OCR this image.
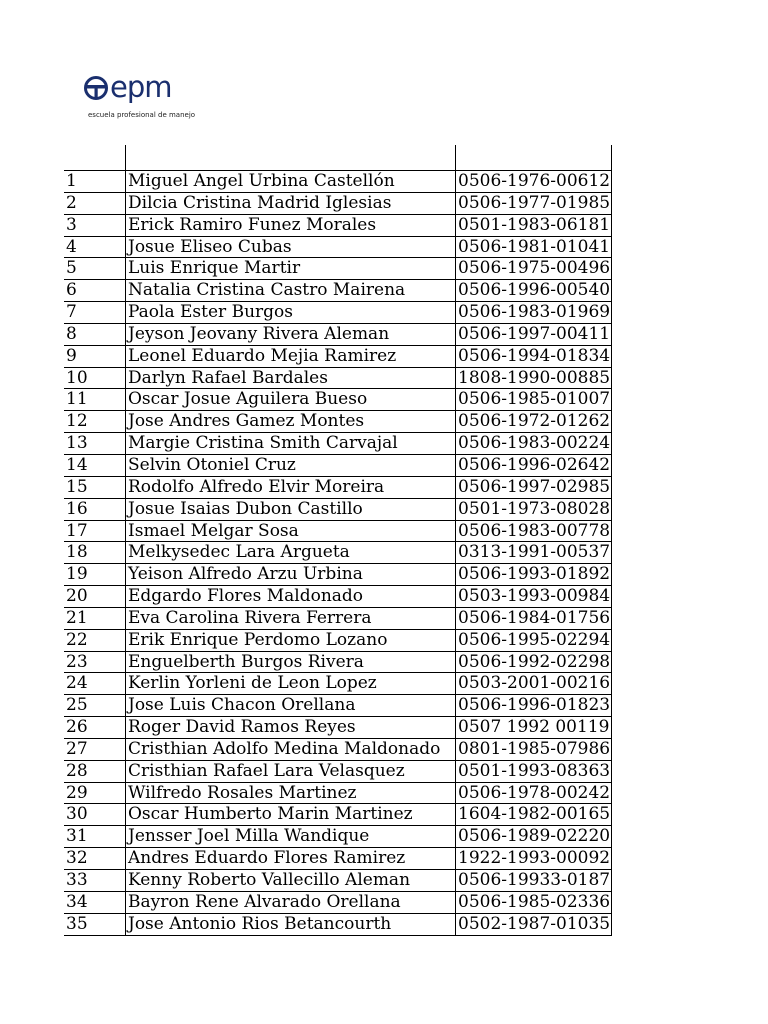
epm
escuela profesional de manejo
1	Miguel Angel Urbina Castellón	0506-1976-00612
2	Dilcia Cristina Madrid Iglesias	0506-1977-01985
3	Erick Ramiro Funez Morales	0501-1983-06181
4	Josue Eliseo Cubas	0506-1981-01041
5	Luis Enrique Martir	0506-1975-00496
6	Natalia Cristina Castro Mairena	0506-1996-00540
7	Paola Ester Burgos	0506-1983-01969
8	Jeyson Jeovany Rivera Aleman	0506-1997-00411
9	Leonel Eduardo Mejia Ramirez	0506-1994-01834
10	Darlyn Rafael Bardales	1808-1990-00885
11	Oscar Josue Aguilera Bueso	0506-1985-01007
12	Jose Andres Gamez Montes	0506-1972-01262
13	Margie Cristina Smith Carvajal	0506-1983-00224
14	Selvin Otoniel Cruz	0506-1996-02642
15	Rodolfo Alfredo Elvir Moreira	0506-1997-02985
16	Josue Isaias Dubon Castillo	0501-1973-08028
17	Ismael Melgar Sosa	0506-1983-00778
18	Melkysedec Lara Argueta	0313-1991-00537
19	Yeison Alfredo Arzu Urbina	0506-1993-01892
20	Edgardo Flores Maldonado	0503-1993-00984
21	Eva Carolina Rivera Ferrera	0506-1984-01756
22	Erik Enrique Perdomo Lozano	0506-1995-02294
23	Enguelberth Burgos Rivera	0506-1992-02298
24	Kerlin Yorleni de Leon Lopez	0503-2001-00216
25	Jose Luis Chacon Orellana	0506-1996-01823
26	Roger David Ramos Reyes	0507 1992 00119
27	Cristhian Adolfo Medina Maldonado	0801-1985-07986
28	Cristhian Rafael Lara Velasquez	0501-1993-08363
29	Wilfredo Rosales Martinez	0506-1978-00242
30	Oscar Humberto Marin Martinez	1604-1982-00165
31	Jensser Joel Milla Wandique	0506-1989-02220
32	Andres Eduardo Flores Ramirez	1922-1993-00092
33	Kenny Roberto Vallecillo Aleman	0506-19933-0187
34	Bayron Rene Alvarado Orellana	0506-1985-02336
35	Jose Antonio Rios Betancourth	0502-1987-01035
